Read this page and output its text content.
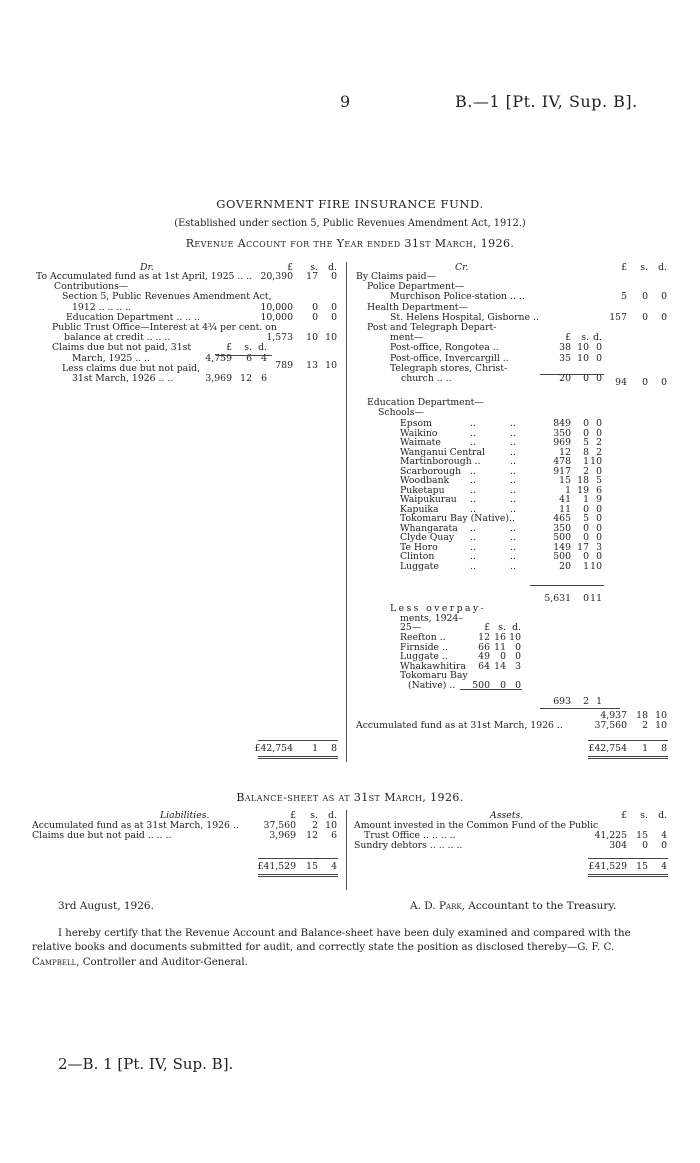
9	B.—1 [Pt. IV, Sup. B].
GOVERNMENT FIRE INSURANCE FUND.
(Established under section 5, Public Revenues Amendment Act, 1912.)
Revenue Account for the Year ended 31st March, 1926.
Dr.	£	s.	d.
To Accumulated fund as at 1st April, 1925 .. .. 20,390	17	0
Contributions—
Section 5, Public Revenues Amendment Act,
1912 .. .. .. ..	10,000	0	0
Education Department .. .. ..	10,000	0	0
Public Trust Office—Interest at 4¾ per cent. on
balance at credit .. .. ..	1,573	10 10
Claims due but not paid, 31st	£	s. d.
March, 1925 .. ..	4,759	6 4
Less claims due but not paid,
31st March, 1926 .. ..	3,969 12 6
789	13 10
£42,754	1	8
Cr.	£	s.	d.
By Claims paid—
Police Department—
Murchison Police-station .. ..	5	0	0
Health Department—
St. Helens Hospital, Gisborne ..	157	0	0
Post and Telegraph Depart-
ment—	£	s. d.
Post-office, Rongotea ..	38 10 0
Post-office, Invercargill ..	35 10 0
Telegraph stores, Christ-
church .. ..	20	0 0	94	0	0
Education Department—
Schools—
Epsom	..	..	849	0 0
Waikino	..	..	350	0 0
Waimate	..	..	969	5 2
Wanganui Central	..	12	8 2
Martinborough ..	..	478	1 10
Scarborough ..	..	917	2 0
Woodbank ..	..	15 18 5
Puketapu	..	..	1 19 6
Waipukurau ..	..	41	1 9
Kapuika	..	..	11	0 0
Tokomaru Bay (Native)..	465	5 0
Whangarata ..	..	350	0 0
Clyde Quay ..	..	500	0 0
Te Horo	..	..	149 17 3
Clinton	..	..	500	0 0
Luggate	..	..	20	1 10
5,631	0 11
Less overpay-
ments, 1924–
25—	£ s. d.
Reefton ..	12 16 10
Firnside ..	66 11 0
Luggate ..	49	0 0
Whakawhitira	64 14 3
Tokomaru Bay
(Native) ..	500	0 0
693	2 1
4,937 18 10
Accumulated fund as at 31st March, 1926 ..	37,560	2 10
£42,754	1	8
Balance-sheet as at 31st March, 1926.
Liabilities.	Assets.
£	s.	d.	£	s.	d.
Accumulated fund as at 31st March, 1926 ..	37,560	2 10
Claims due but not paid .. .. ..	3,969	12	6
Amount invested in the Common Fund of the Public
Trust Office .. .. .. ..	41,225 15	4
Sundry debtors .. .. .. ..	304	0	0
£41,529	15	4	£41,529 15	4
3rd August, 1926.	A. D. Park, Accountant to the Treasury.
I hereby certify that the Revenue Account and Balance-sheet have been duly examined and compared with the
relative books and documents submitted for audit, and correctly state the position as disclosed thereby—G. F. C.
Campbell, Controller and Auditor-General.
2—B. 1 [Pt. IV, Sup. B].
